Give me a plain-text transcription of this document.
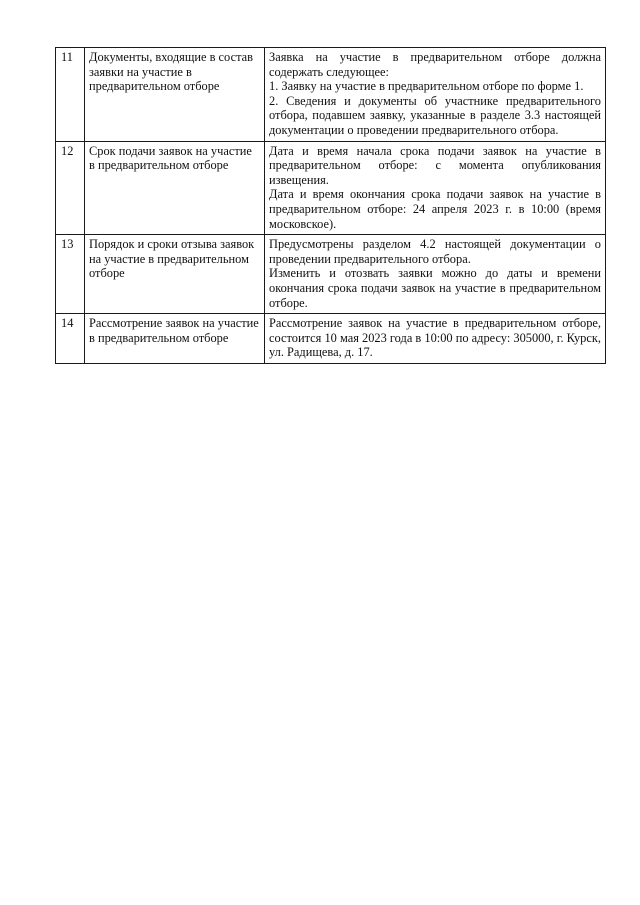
11	Документы, входящие в состав заявки на участие в предварительном отборе	Заявка на участие в предварительном отборе должна содержать следующее:

1. Заявку на участие в предварительном отборе по форме 1.

2. Сведения и документы об участнике предварительного отбора, подавшем заявку, указанные в разделе 3.3 настоящей документации о проведении предварительного отбора.

12	Срок подачи заявок на участие в предварительном отборе	Дата и время начала срока подачи заявок на участие в предварительном отборе: с момента опубликования извещения.

Дата и время окончания срока подачи заявок на участие в предварительном отборе: 24 апреля 2023 г. в 10:00 (время московское).

13	Порядок и сроки отзыва заявок на участие в предварительном отборе	Предусмотрены разделом 4.2 настоящей документации о проведении предварительного отбора.

Изменить и отозвать заявки можно до даты и времени окончания срока подачи заявок на участие в предварительном отборе.

14	Рассмотрение заявок на участие в предварительном отборе	Рассмотрение заявок на участие в предварительном отборе, состоится 10 мая 2023 года в 10:00 по адресу: 305000, г. Курск, ул. Радищева, д. 17.
